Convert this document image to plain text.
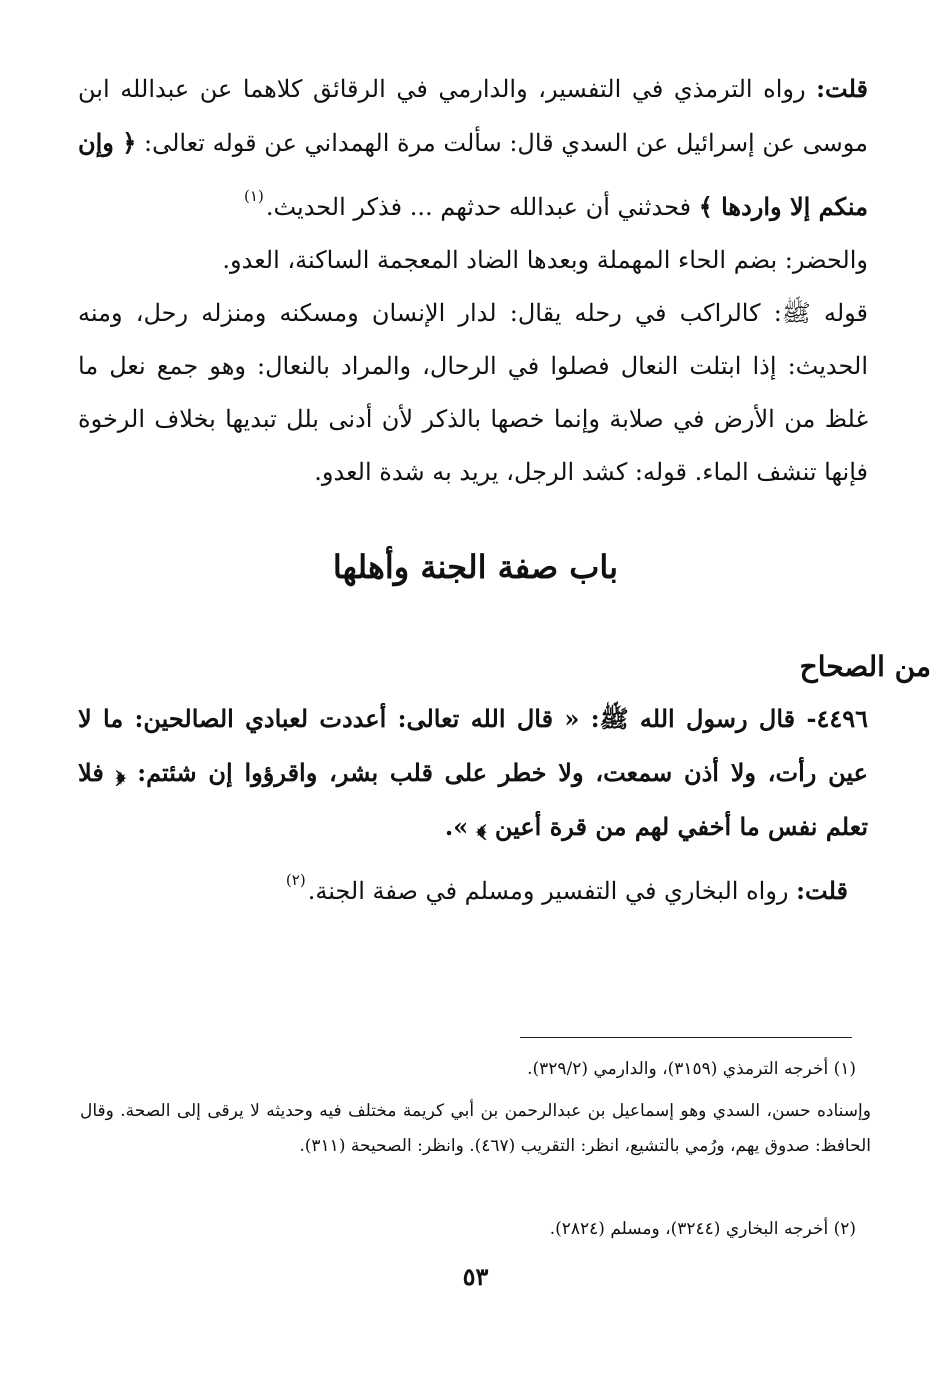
قلت: رواه الترمذي في التفسير، والدارمي في الرقائق كلاهما عن عبدالله ابن موسى عن إسرائيل عن السدي قال: سألت مرة الهمداني عن قوله تعالى: ﴿ وإن منكم إلا واردها ﴾ فحدثني أن عبدالله حدثهم ... فذكر الحديث.$^{(١)}$

والحضر: بضم الحاء المهملة وبعدها الضاد المعجمة الساكنة، العدو.

قوله ﷺ: كالراكب في رحله يقال: لدار الإنسان ومسكنه ومنزله رحل، ومنه الحديث: إذا ابتلت النعال فصلوا في الرحال، والمراد بالنعال: وهو جمع نعل ما غلظ من الأرض في صلابة وإنما خصها بالذكر لأن أدنى بلل تبديها بخلاف الرخوة فإنها تنشف الماء. قوله: كشد الرجل، يريد به شدة العدو.

باب صفة الجنة وأهلها
من الصحاح

٤٤٩٦- قال رسول الله ﷺ: « قال الله تعالى: أعددت لعبادي الصالحين: ما لا عين رأت، ولا أذن سمعت، ولا خطر على قلب بشر، واقرؤوا إن شئتم: ﴿ فلا تعلم نفس ما أخفي لهم من قرة أعين ﴾ ».

قلت: رواه البخاري في التفسير ومسلم في صفة الجنة.$^{(٢)}$

(١) أخرجه الترمذي (٣١٥٩)، والدارمي (٣٢٩/٢).

وإسناده حسن، السدي وهو إسماعيل بن عبدالرحمن بن أبي كريمة مختلف فيه وحديثه لا يرقى إلى الصحة. وقال الحافظ: صدوق يهم، ورُمي بالتشيع، انظر: التقريب (٤٦٧). وانظر: الصحيحة (٣١١).

(٢) أخرجه البخاري (٣٢٤٤)، ومسلم (٢٨٢٤).

٥٣
